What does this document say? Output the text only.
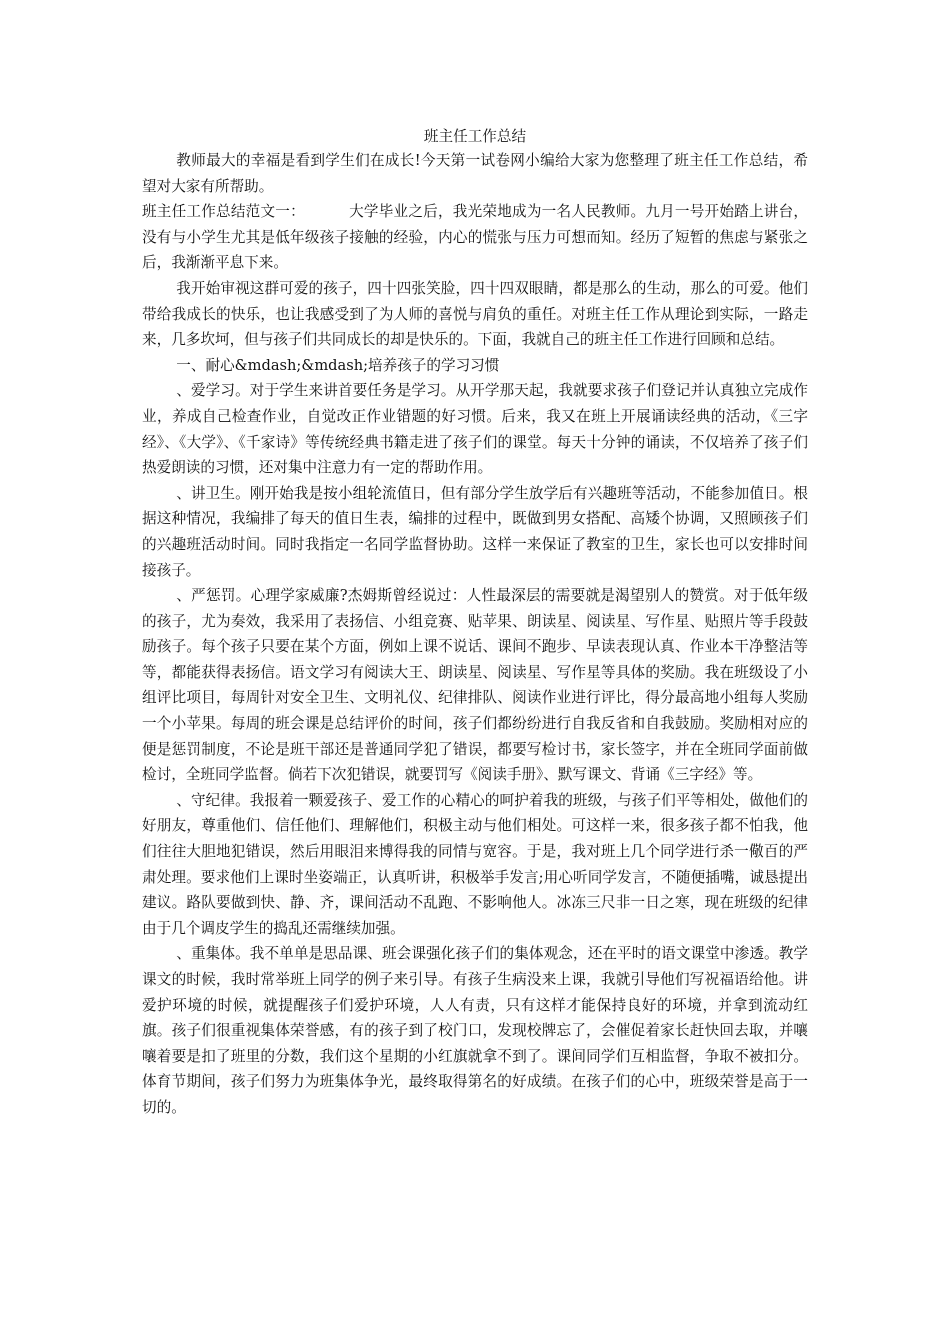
班主任工作总结

教师最大的幸福是看到学生们在成长!今天第一试卷网小编给大家为您整理了班主任工作总结，希望对大家有所帮助。

班主任工作总结范文一：	大学毕业之后，我光荣地成为一名人民教师。九月一号开始踏上讲台，没有与小学生尤其是低年级孩子接触的经验，内心的慌张与压力可想而知。经历了短暂的焦虑与紧张之后，我渐渐平息下来。

我开始审视这群可爱的孩子，四十四张笑脸，四十四双眼睛，都是那么的生动，那么的可爱。他们带给我成长的快乐，也让我感受到了为人师的喜悦与肩负的重任。对班主任工作从理论到实际，一路走来，几多坎坷，但与孩子们共同成长的却是快乐的。下面，我就自己的班主任工作进行回顾和总结。

一、耐心&mdash;&mdash;培养孩子的学习习惯

、爱学习。对于学生来讲首要任务是学习。从开学那天起，我就要求孩子们登记并认真独立完成作业，养成自己检查作业，自觉改正作业错题的好习惯。后来，我又在班上开展诵读经典的活动，《三字经》、《大学》、《千家诗》等传统经典书籍走进了孩子们的课堂。每天十分钟的诵读，不仅培养了孩子们热爱朗读的习惯，还对集中注意力有一定的帮助作用。

、讲卫生。刚开始我是按小组轮流值日，但有部分学生放学后有兴趣班等活动，不能参加值日。根据这种情况，我编排了每天的值日生表，编排的过程中，既做到男女搭配、高矮个协调，又照顾孩子们的兴趣班活动时间。同时我指定一名同学监督协助。这样一来保证了教室的卫生，家长也可以安排时间接孩子。

、严惩罚。心理学家威廉?杰姆斯曾经说过：人性最深层的需要就是渴望别人的赞赏。对于低年级的孩子，尤为奏效，我采用了表扬信、小组竞赛、贴苹果、朗读星、阅读星、写作星、贴照片等手段鼓励孩子。每个孩子只要在某个方面，例如上课不说话、课间不跑步、早读表现认真、作业本干净整洁等等，都能获得表扬信。语文学习有阅读大王、朗读星、阅读星、写作星等具体的奖励。我在班级设了小组评比项目，每周针对安全卫生、文明礼仪、纪律排队、阅读作业进行评比，得分最高地小组每人奖励一个小苹果。每周的班会课是总结评价的时间，孩子们都纷纷进行自我反省和自我鼓励。奖励相对应的便是惩罚制度，不论是班干部还是普通同学犯了错误，都要写检讨书，家长签字，并在全班同学面前做检讨，全班同学监督。倘若下次犯错误，就要罚写《阅读手册》、默写课文、背诵《三字经》等。

、守纪律。我报着一颗爱孩子、爱工作的心精心的呵护着我的班级，与孩子们平等相处，做他们的好朋友，尊重他们、信任他们、理解他们，积极主动与他们相处。可这样一来，很多孩子都不怕我，他们往往大胆地犯错误，然后用眼泪来博得我的同情与宽容。于是，我对班上几个同学进行杀一儆百的严肃处理。要求他们上课时坐姿端正，认真听讲，积极举手发言;用心听同学发言，不随便插嘴，诚恳提出建议。路队要做到快、静、齐，课间活动不乱跑、不影响他人。冰冻三尺非一日之寒，现在班级的纪律由于几个调皮学生的捣乱还需继续加强。

、重集体。我不单单是思品课、班会课强化孩子们的集体观念，还在平时的语文课堂中渗透。教学课文的时候，我时常举班上同学的例子来引导。有孩子生病没来上课，我就引导他们写祝福语给他。讲爱护环境的时候，就提醒孩子们爱护环境，人人有责，只有这样才能保持良好的环境，并拿到流动红旗。孩子们很重视集体荣誉感，有的孩子到了校门口，发现校牌忘了，会催促着家长赶快回去取，并嚷嚷着要是扣了班里的分数，我们这个星期的小红旗就拿不到了。课间同学们互相监督，争取不被扣分。体育节期间，孩子们努力为班集体争光，最终取得第名的好成绩。在孩子们的心中，班级荣誉是高于一切的。
